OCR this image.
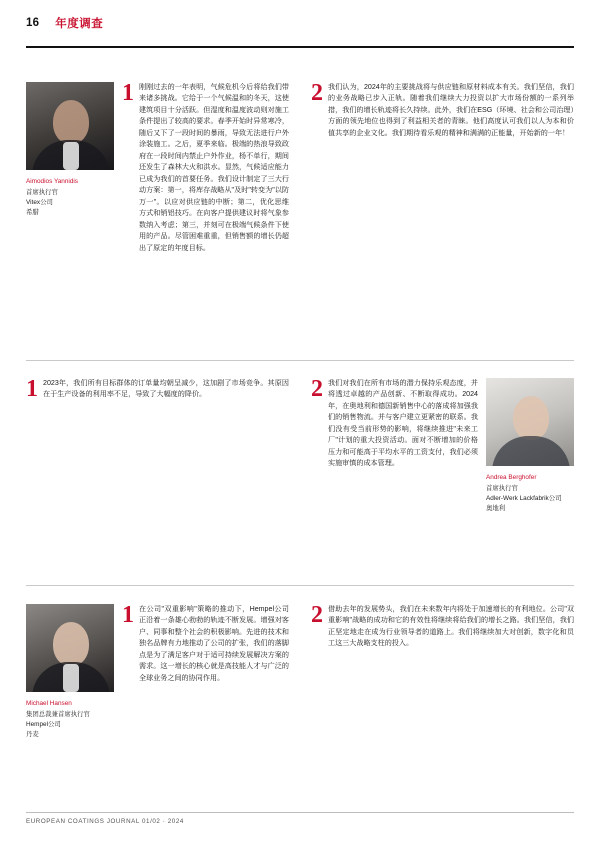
16 年度调查
Aimodios Yannidis
首席执行官
Vitex公司
希腊
1 刚刚过去的一年表明，气候危机今后将给我们带来诸多挑战。它给于一个气候温和的冬天，这使建筑项目十分活跃。但湿度和温度波动则对施工条件提出了较高的要求。春季开始时异常寒冷，随后又下了一段时间的暴雨，导致无法进行户外涂装施工。之后，夏季来临。极端的热浪导致政府在一段时间内禁止户外作业，杨不单行，期间还发生了森林大火和洪水。显然，气候适应能力已成为我们的首要任务。我们设计制定了三大行动方案：第一，将库存战略从"及时"转变为"以防万一"。以应对供应链的中断；第二，优化思维方式和销铝技巧。在向客户提供建议时将气象参数纳入考虑；第三，并刻可在极端气候条件下使用的产品。尽管困难重重，但销售额的增长仍超出了原定的年度目标。
2 我们认为，2024年的主要挑战将与供应链和原材料成本有关。我们坚信，我们的业务战略已步入正轨。随着我们继续大力投资以扩大市场份额的一系列举措，我们的增长轨迹将长久持续。此外，我们在ESG（环境、社会和公司治理）方面的领先地位也得到了利益相关者的青睐。他们高度认可我们以人为本和价值共享的企业文化。我们期待看乐观的精神和满满的正能量，开始新的一年！
1 2023年，我们所有目标群体的订单量均朝呈减少，这加剧了市场竞争。其原因在于生产设备的利用率不足，导致了大幅度的降价。	2 我们对我们在所有市场的潜力保持乐观态度，并将透过卓越的产品创新、不断取得成功。2024年，在奥地利和德国新销售中心的落成将加强我们的销售物流。并与客户建立更紧密的联系。我们没有受当前形势的影响，将继续推进"未来工厂"计划的重大投资活动。面对不断增加的价格压力和可能高于平均水平的工资支付，我们必须实施审慎的成本管理。
Andrea Berghofer
首席执行官
Adler-Werk Lackfabrik公司
奥地利
Michael Hansen
集团总裁兼首席执行官
Hempel公司
丹麦
1 在公司"双重影响"策略的推动下，Hempel公司正沿着一条雄心勃勃的轨迹不断发展。增强对客户、同事和整个社会的积极影响。先进的技术和独名品牌有力地推动了公司的扩张，我们的落脚点是为了满足客户对于适可持续发展解决方案的需求。这一增长的核心就是高技能人才与广泛的全球业务之间的协同作用。
2 借助去年的发展势头，我们在未来数年内将处于加速增长的有利地位。公司"双重影响"战略的成功和它的有效性将继续将给我们的增长之路。我们坚信，我们正坚定地走在成为行业领导者的道路上。我们将继续加大对创新，数字化和员工这三大战略支柱的投入。
EUROPEAN COATINGS JOURNAL 01/02 · 2024
